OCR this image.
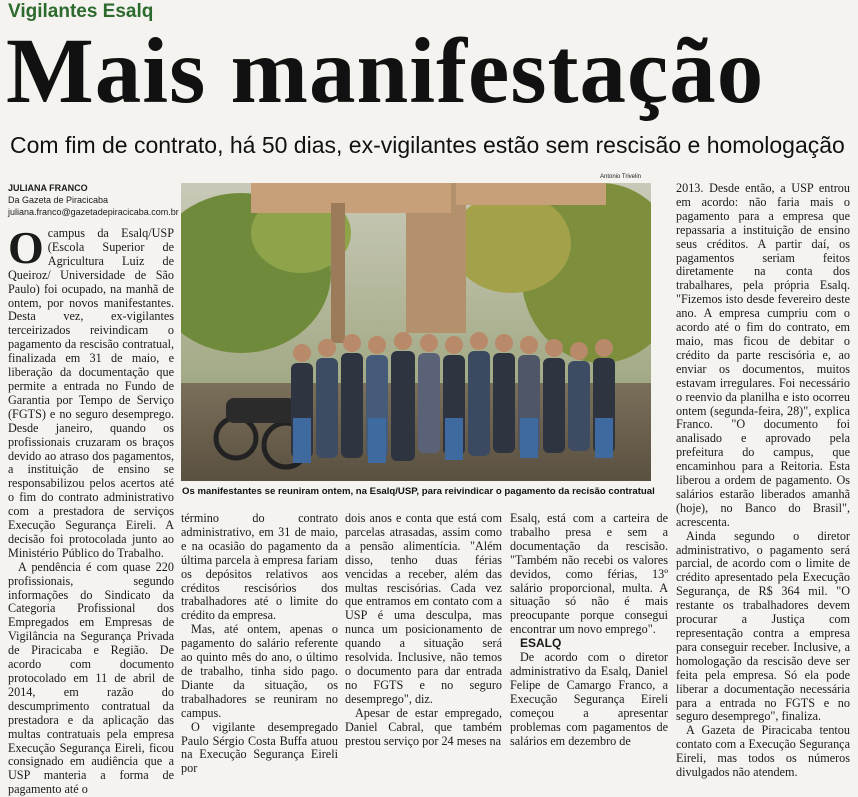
Vigilantes Esalq
Mais manifestação
Com fim de contrato, há 50 dias, ex-vigilantes estão sem rescisão e homologação
JULIANA FRANCO
Da Gazeta de Piracicaba
juliana.franco@gazetadepiracicaba.com.br

Ocampus da Esalq/USP (Escola Superior de Agricultura Luiz de Queiroz/ Universidade de São Paulo) foi ocupado, na manhã de ontem, por novos manifestantes. Desta vez, ex-vigilantes terceirizados reivindicam o pagamento da rescisão contratual, finalizada em 31 de maio, e liberação da documentação que permite a entrada no Fundo de Garantia por Tempo de Serviço (FGTS) e no seguro desemprego. Desde janeiro, quando os profissionais cruzaram os braços devido ao atraso dos pagamentos, a instituição de ensino se responsabilizou pelos acertos até o fim do contrato administrativo com a prestadora de serviços Execução Segurança Eireli. A decisão foi protocolada junto ao Ministério Público do Trabalho.

A pendência é com quase 220 profissionais, segundo informações do Sindicato da Categoria Profissional dos Empregados em Empresas de Vigilância na Segurança Privada de Piracicaba e Região. De acordo com documento protocolado em 11 de abril de 2014, em razão do descumprimento contratual da prestadora e da aplicação das multas contratuais pela empresa Execução Segurança Eireli, ficou consignado em audiência que a USP manteria a forma de pagamento até o

Antonio Trivelin
Os manifestantes se reuniram ontem, na Esalq/USP, para reivindicar o pagamento da recisão contratual

término do contrato administrativo, em 31 de maio, e na ocasião do pagamento da última parcela à empresa fariam os depósitos relativos aos créditos rescisórios dos trabalhadores até o limite do crédito da empresa.

Mas, até ontem, apenas o pagamento do salário referente ao quinto mês do ano, o último de trabalho, tinha sido pago. Diante da situação, os trabalhadores se reuniram no campus.

O vigilante desempregado Paulo Sérgio Costa Buffa atuou na Execução Segurança Eireli por

dois anos e conta que está com parcelas atrasadas, assim como a pensão alimentícia. "Além disso, tenho duas férias vencidas a receber, além das multas rescisórias. Cada vez que entramos em contato com a USP é uma desculpa, mas nunca um posicionamento de quando a situação será resolvida. Inclusive, não temos o documento para dar entrada no FGTS e no seguro desemprego", diz.

Apesar de estar empregado, Daniel Cabral, que também prestou serviço por 24 meses na

Esalq, está com a carteira de trabalho presa e sem a documentação da rescisão. "Também não recebi os valores devidos, como férias, 13º salário proporcional, multa. A situação só não é mais preocupante porque consegui encontrar um novo emprego".

ESALQ

De acordo com o diretor administrativo da Esalq, Daniel Felipe de Camargo Franco, a Execução Segurança Eireli começou a apresentar problemas com pagamentos de salários em dezembro de

2013. Desde então, a USP entrou em acordo: não faria mais o pagamento para a empresa que repassaria a instituição de ensino seus créditos. A partir daí, os pagamentos seriam feitos diretamente na conta dos trabalhares, pela própria Esalq. "Fizemos isto desde fevereiro deste ano. A empresa cumpriu com o acordo até o fim do contrato, em maio, mas ficou de debitar o crédito da parte rescisória e, ao enviar os documentos, muitos estavam irregulares. Foi necessário o reenvio da planilha e isto ocorreu ontem (segunda-feira, 28)", explica Franco. "O documento foi analisado e aprovado pela prefeitura do campus, que encaminhou para a Reitoria. Esta liberou a ordem de pagamento. Os salários estarão liberados amanhã (hoje), no Banco do Brasil", acrescenta.

Ainda segundo o diretor administrativo, o pagamento será parcial, de acordo com o limite de crédito apresentado pela Execução Segurança, de R$ 364 mil. "O restante os trabalhadores devem procurar a Justiça com representação contra a empresa para conseguir receber. Inclusive, a homologação da rescisão deve ser feita pela empresa. Só ela pode liberar a documentação necessária para a entrada no FGTS e no seguro desemprego", finaliza.

A Gazeta de Piracicaba tentou contato com a Execução Segurança Eireli, mas todos os números divulgados não atendem.
